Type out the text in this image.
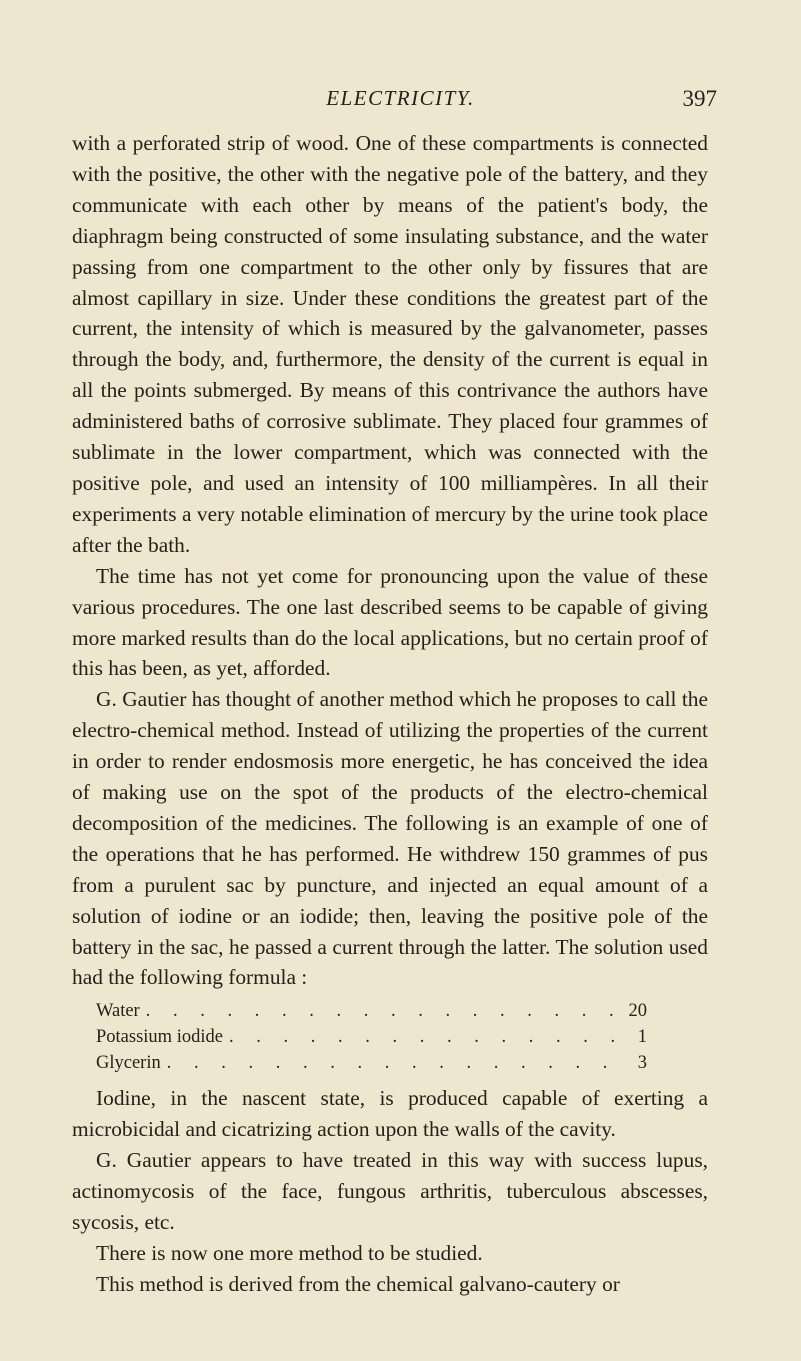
ELECTRICITY.	397

with a perforated strip of wood. One of these compartments is connected with the positive, the other with the negative pole of the battery, and they communicate with each other by means of the patient's body, the diaphragm being constructed of some insulating substance, and the water passing from one compartment to the other only by fissures that are almost capillary in size. Under these conditions the greatest part of the current, the intensity of which is measured by the galvanometer, passes through the body, and, furthermore, the density of the current is equal in all the points submerged. By means of this contrivance the authors have administered baths of corrosive sublimate. They placed four grammes of sublimate in the lower compartment, which was connected with the positive pole, and used an intensity of 100 milliampères. In all their experiments a very notable elimination of mercury by the urine took place after the bath.

The time has not yet come for pronouncing upon the value of these various procedures. The one last described seems to be capable of giving more marked results than do the local applications, but no certain proof of this has been, as yet, afforded.

G. Gautier has thought of another method which he proposes to call the electro-chemical method. Instead of utilizing the properties of the current in order to render endosmosis more energetic, he has conceived the idea of making use on the spot of the products of the electro-chemical decomposition of the medicines. The following is an example of one of the operations that he has performed. He withdrew 150 grammes of pus from a purulent sac by puncture, and injected an equal amount of a solution of iodine or an iodide; then, leaving the positive pole of the battery in the sac, he passed a current through the latter. The solution used had the following formula :

Water . . .	20
Potassium iodide . . .	1
Glycerin . . .	3

Iodine, in the nascent state, is produced capable of exerting a microbicidal and cicatrizing action upon the walls of the cavity.

G. Gautier appears to have treated in this way with success lupus, actinomycosis of the face, fungous arthritis, tuberculous abscesses, sycosis, etc.

There is now one more method to be studied.

This method is derived from the chemical galvano-cautery or
